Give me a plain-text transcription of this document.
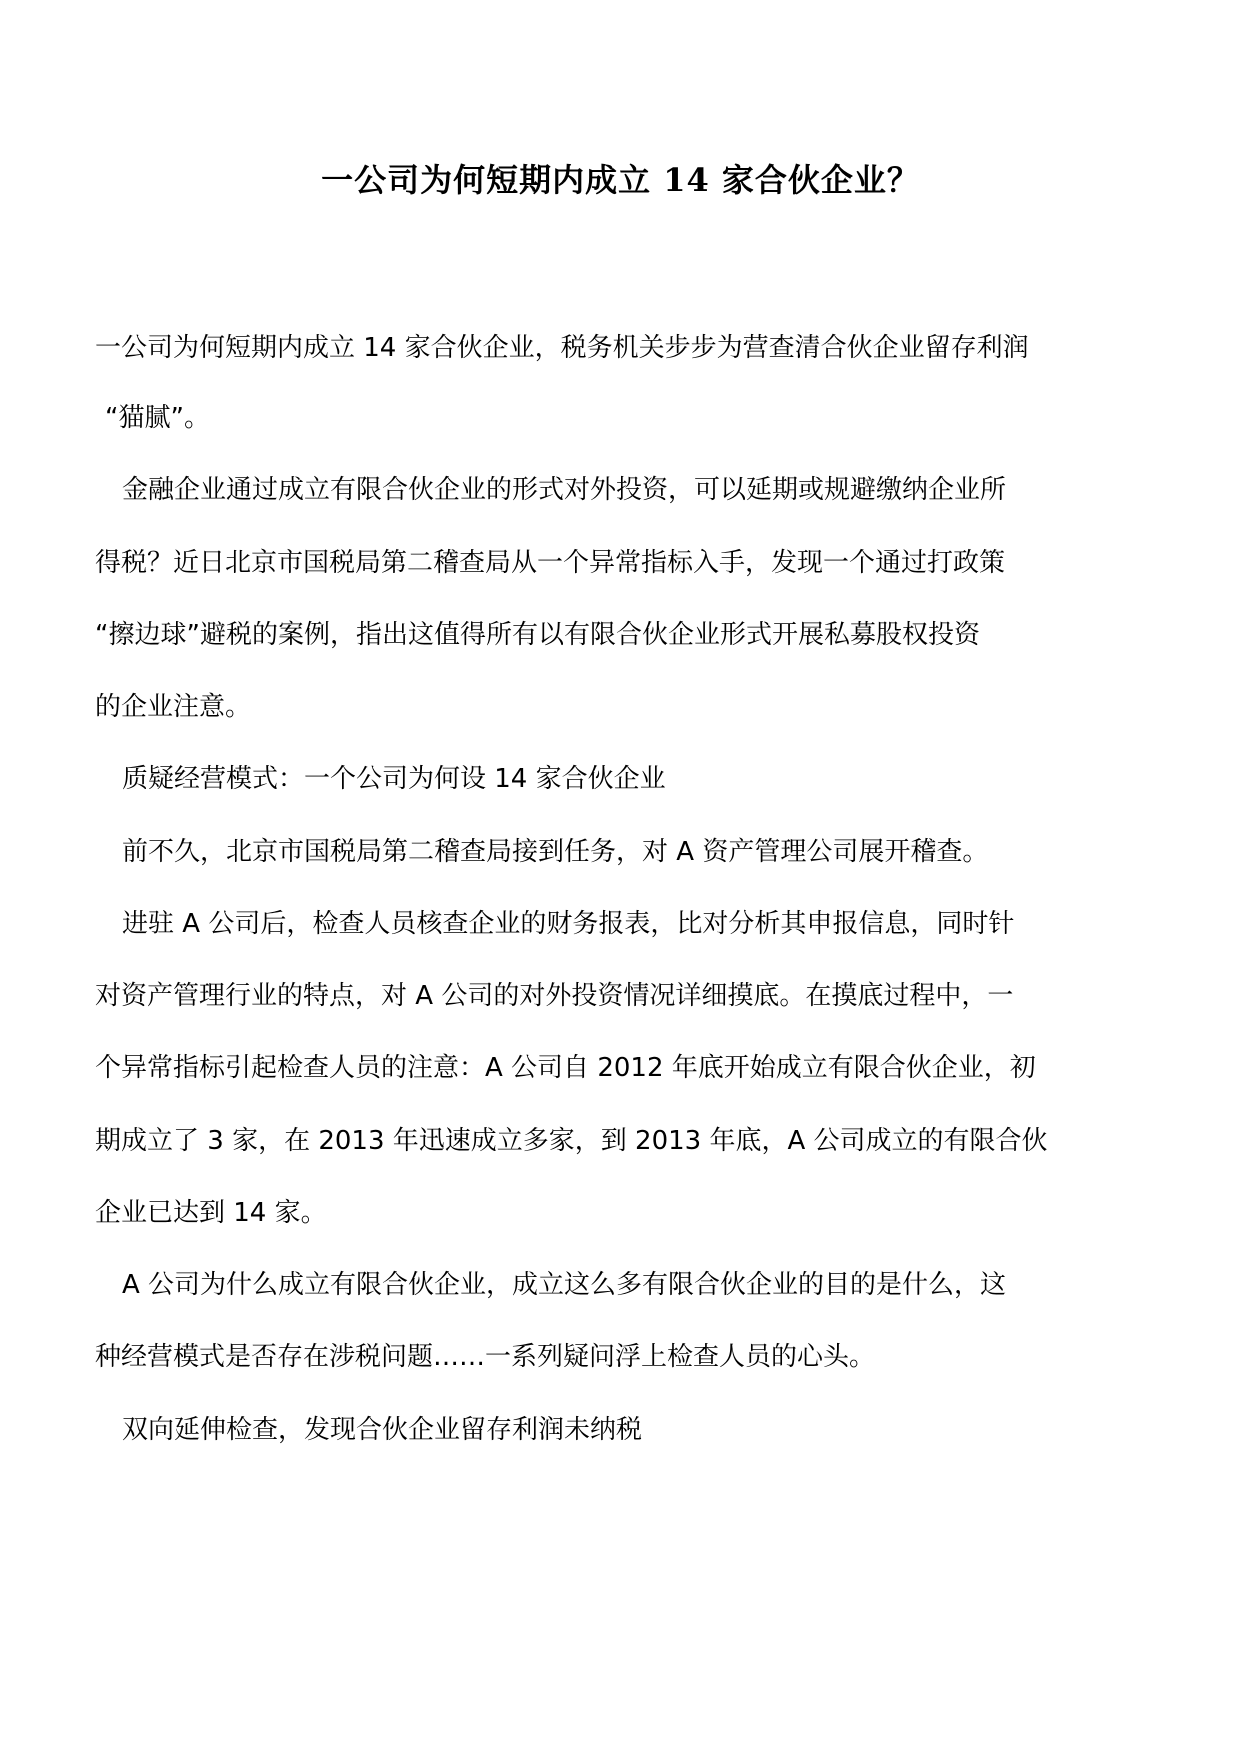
一公司为何短期内成立 14 家合伙企业？

一公司为何短期内成立 14 家合伙企业，税务机关步步为营查清合伙企业留存利润

“猫腻”。

金融企业通过成立有限合伙企业的形式对外投资，可以延期或规避缴纳企业所

得税？近日北京市国税局第二稽查局从一个异常指标入手，发现一个通过打政策

“擦边球”避税的案例，指出这值得所有以有限合伙企业形式开展私募股权投资

的企业注意。

质疑经营模式：一个公司为何设 14 家合伙企业

前不久，北京市国税局第二稽查局接到任务，对 A 资产管理公司展开稽查。

进驻 A 公司后，检查人员核查企业的财务报表，比对分析其申报信息，同时针

对资产管理行业的特点，对 A 公司的对外投资情况详细摸底。在摸底过程中，一

个异常指标引起检查人员的注意：A 公司自 2012 年底开始成立有限合伙企业，初

期成立了 3 家，在 2013 年迅速成立多家，到 2013 年底，A 公司成立的有限合伙

企业已达到 14 家。

A 公司为什么成立有限合伙企业，成立这么多有限合伙企业的目的是什么，这

种经营模式是否存在涉税问题……一系列疑问浮上检查人员的心头。

双向延伸检查，发现合伙企业留存利润未纳税
